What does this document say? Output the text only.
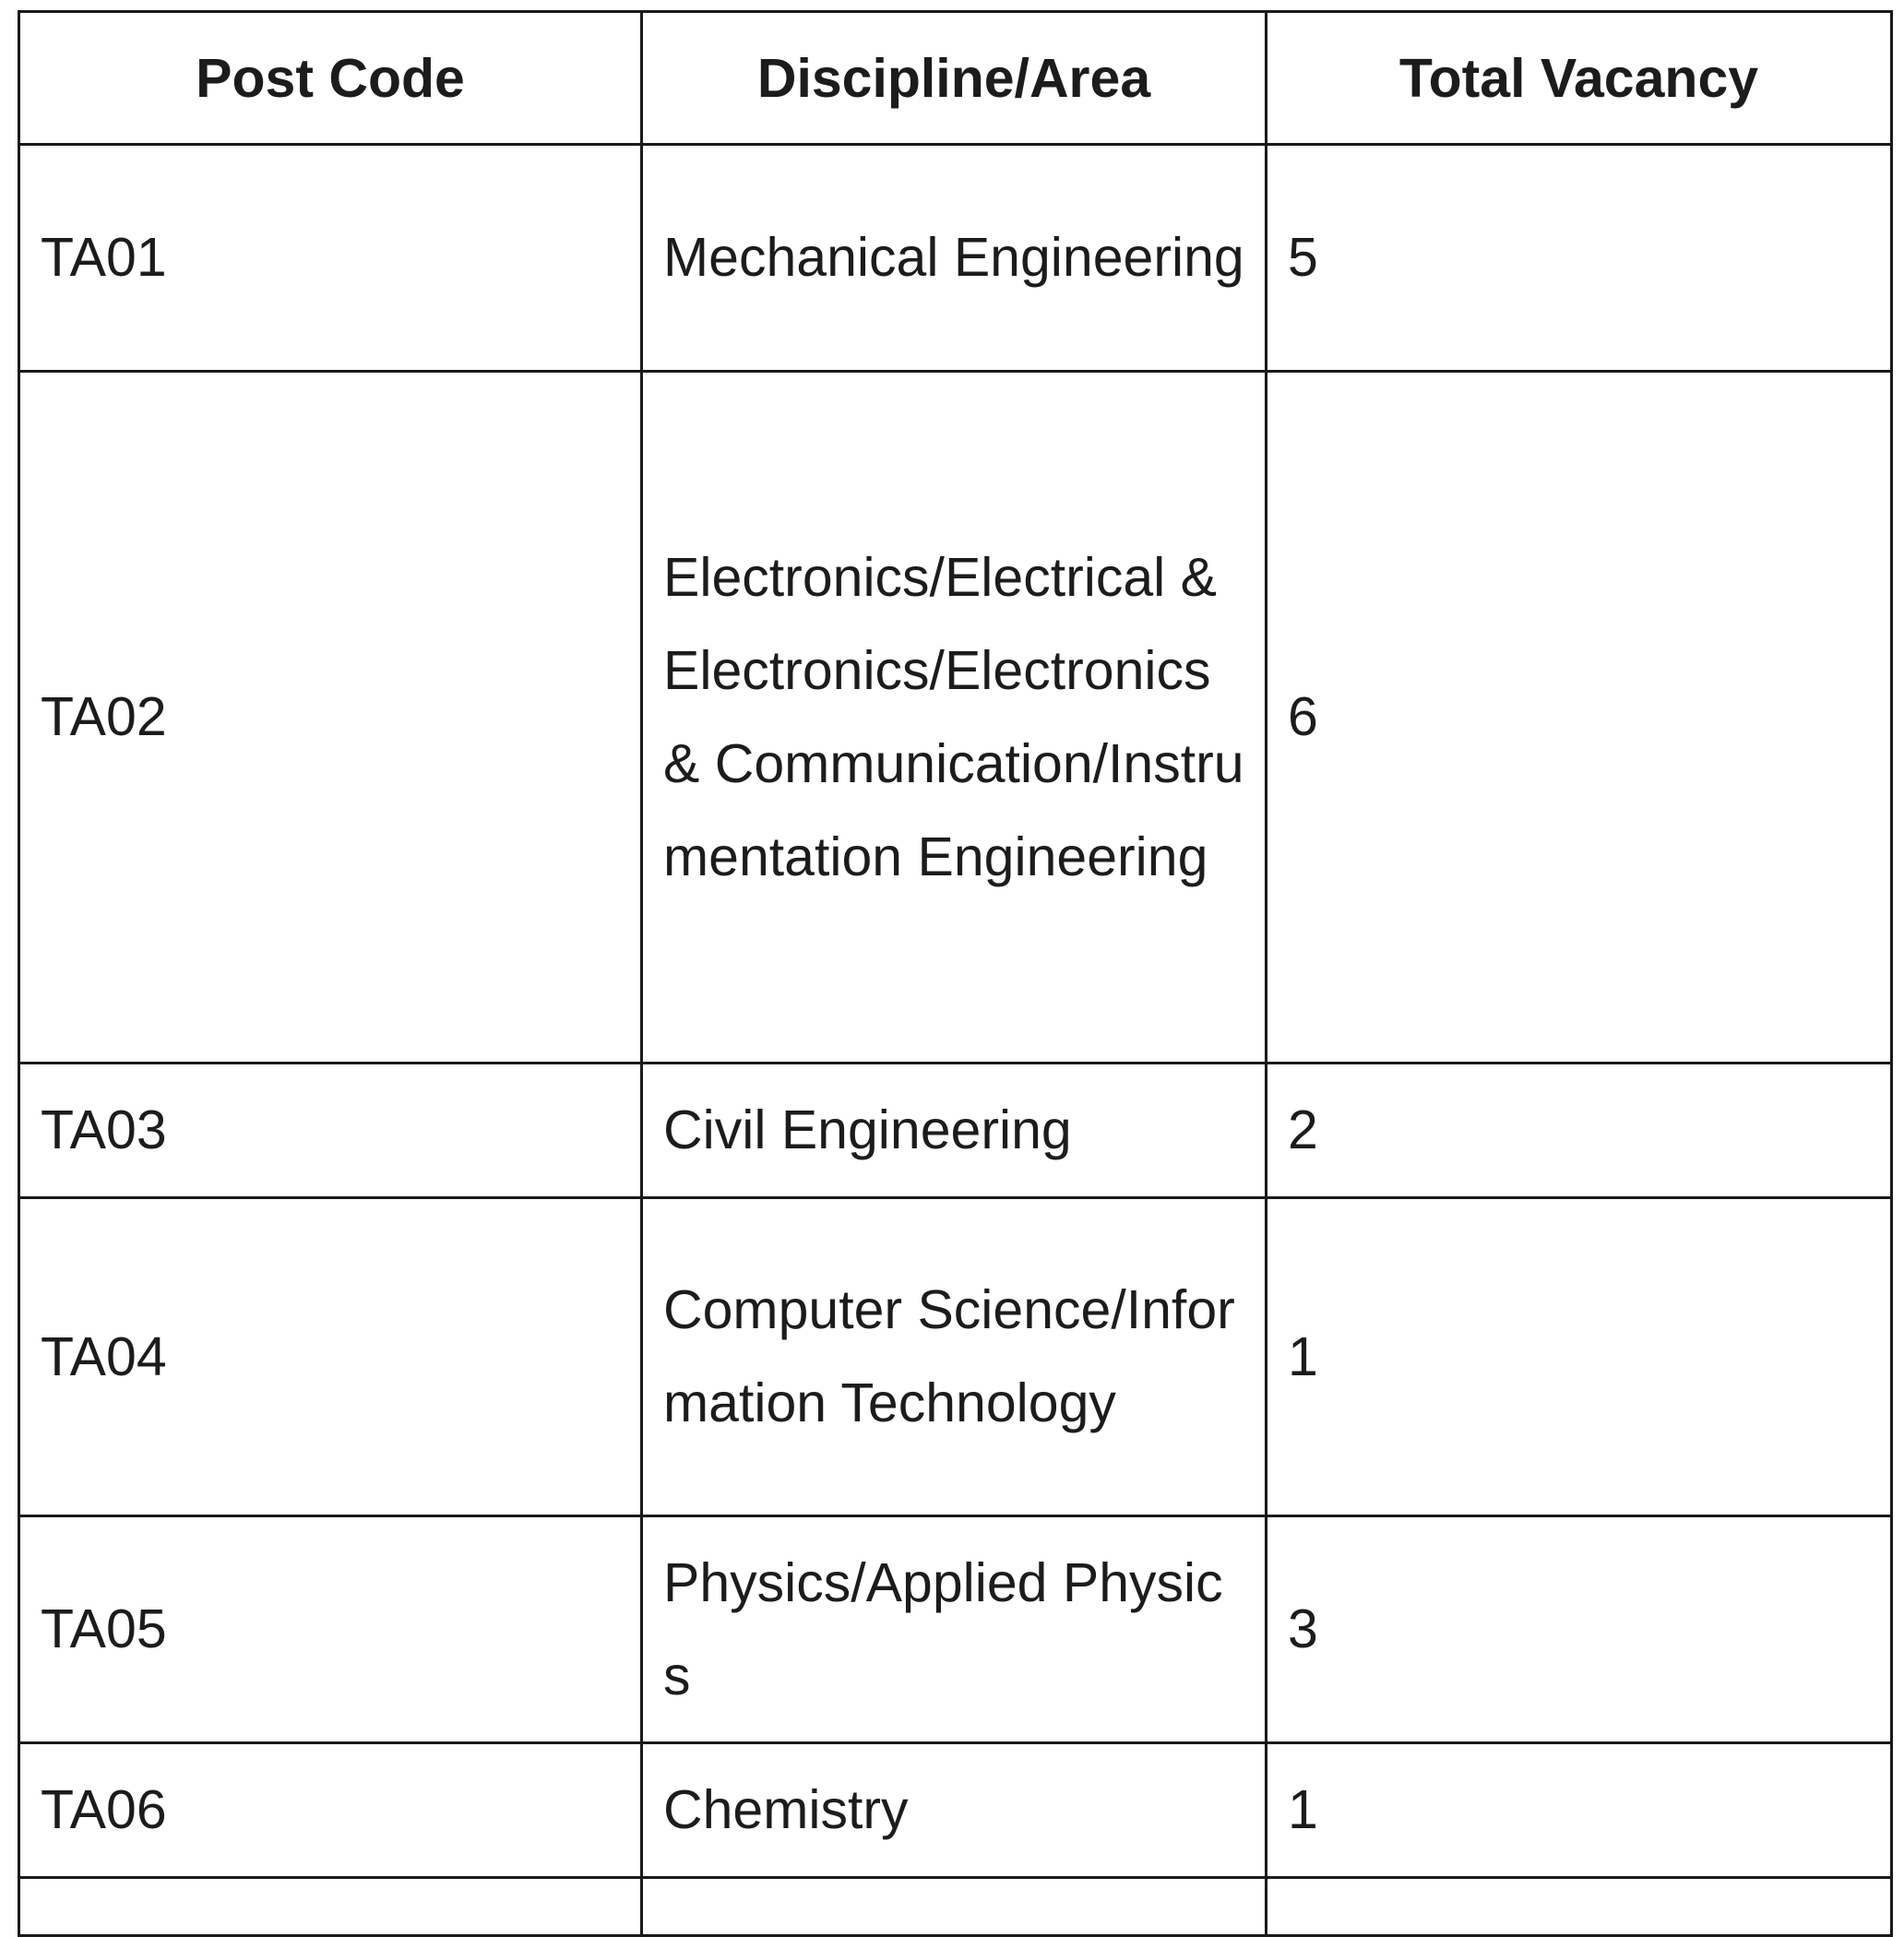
Post Code	Discipline/Area	Total Vacancy

TA01	Mechanical Engineering	5

TA02	Electronics/Electrical & Electronics/Electronics & Communication/Instrumentation Engineering	6

TA03	Civil Engineering	2

TA04	Computer Science/Information Technology	1

TA05	Physics/Applied Physics	3

TA06	Chemistry	1
